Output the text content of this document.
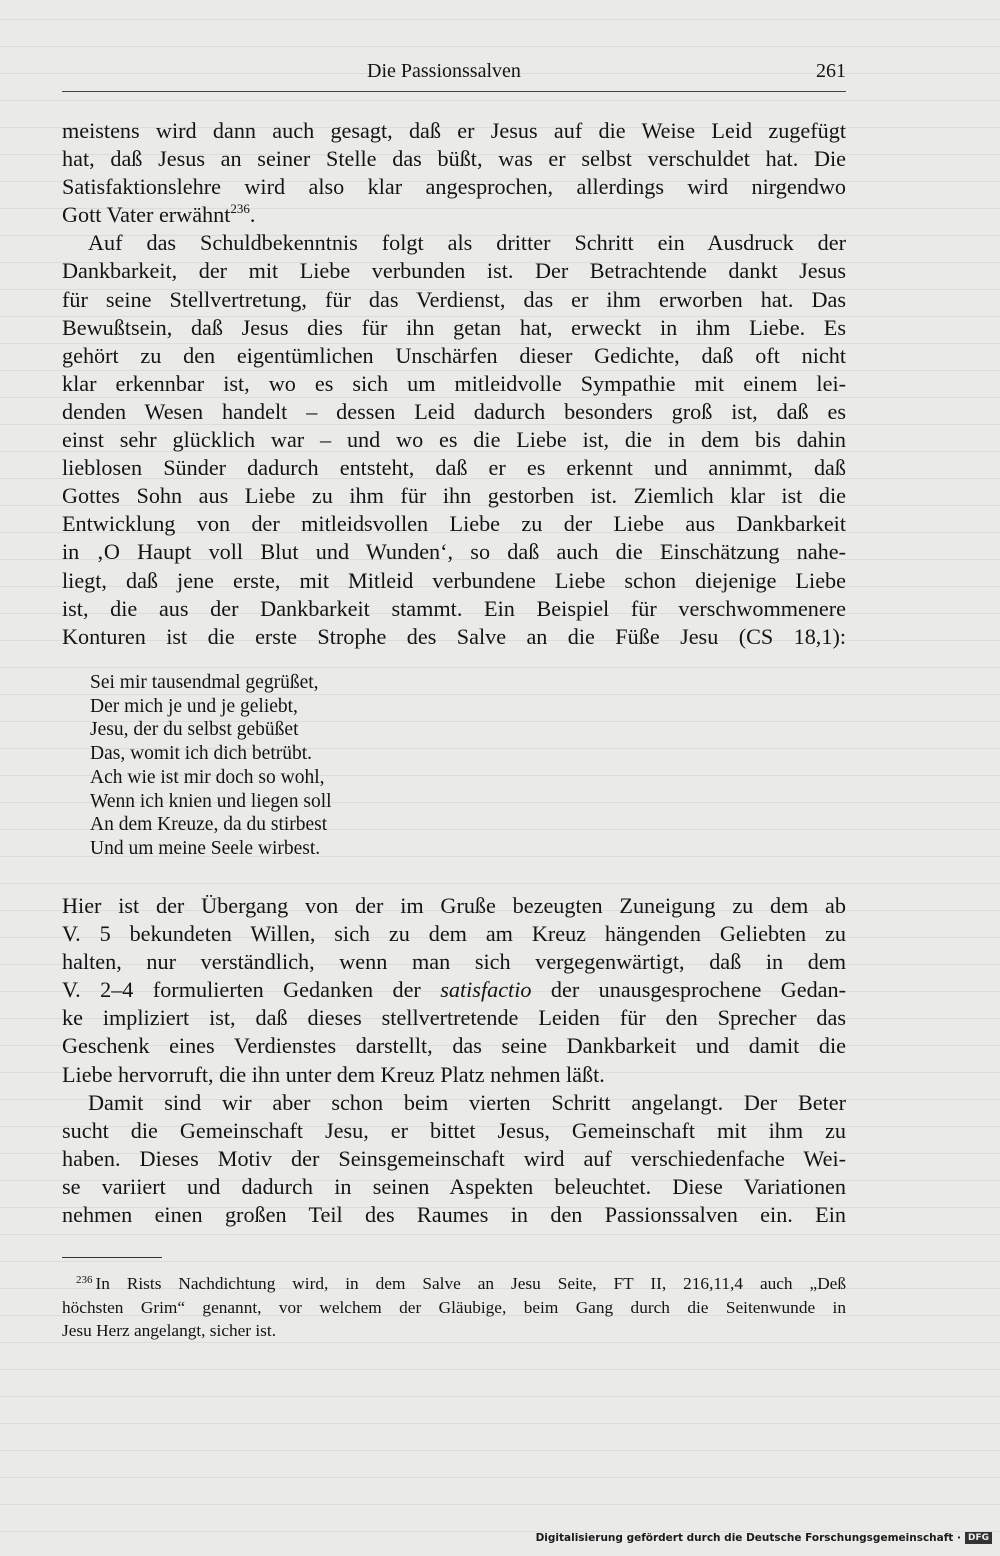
Die Passionssalven	261

meistens wird dann auch gesagt, daß er Jesus auf die Weise Leid zugefügt
hat, daß Jesus an seiner Stelle das büßt, was er selbst verschuldet hat. Die
Satisfaktionslehre wird also klar angesprochen, allerdings wird nirgendwo
Gott Vater erwähnt$^{236}$.

Auf das Schuldbekenntnis folgt als dritter Schritt ein Ausdruck der
Dankbarkeit, der mit Liebe verbunden ist. Der Betrachtende dankt Jesus
für seine Stellvertretung, für das Verdienst, das er ihm erworben hat. Das
Bewußtsein, daß Jesus dies für ihn getan hat, erweckt in ihm Liebe. Es
gehört zu den eigentümlichen Unschärfen dieser Gedichte, daß oft nicht
klar erkennbar ist, wo es sich um mitleidvolle Sympathie mit einem lei-
denden Wesen handelt – dessen Leid dadurch besonders groß ist, daß es
einst sehr glücklich war – und wo es die Liebe ist, die in dem bis dahin
lieblosen Sünder dadurch entsteht, daß er es erkennt und annimmt, daß
Gottes Sohn aus Liebe zu ihm für ihn gestorben ist. Ziemlich klar ist die
Entwicklung von der mitleidsvollen Liebe zu der Liebe aus Dankbarkeit
in ‚O Haupt voll Blut und Wunden‘, so daß auch die Einschätzung nahe-
liegt, daß jene erste, mit Mitleid verbundene Liebe schon diejenige Liebe
ist, die aus der Dankbarkeit stammt. Ein Beispiel für verschwommenere
Konturen ist die erste Strophe des Salve an die Füße Jesu (CS 18,1):

Sei mir tausendmal gegrüßet,
Der mich je und je geliebt,
Jesu, der du selbst gebüßet
Das, womit ich dich betrübt.
Ach wie ist mir doch so wohl,
Wenn ich knien und liegen soll
An dem Kreuze, da du stirbest
Und um meine Seele wirbest.

Hier ist der Übergang von der im Gruße bezeugten Zuneigung zu dem ab
V. 5 bekundeten Willen, sich zu dem am Kreuz hängenden Geliebten zu
halten, nur verständlich, wenn man sich vergegenwärtigt, daß in dem
V. 2–4 formulierten Gedanken der satisfactio der unausgesprochene Gedan-
ke impliziert ist, daß dieses stellvertretende Leiden für den Sprecher das
Geschenk eines Verdienstes darstellt, das seine Dankbarkeit und damit die
Liebe hervorruft, die ihn unter dem Kreuz Platz nehmen läßt.

Damit sind wir aber schon beim vierten Schritt angelangt. Der Beter
sucht die Gemeinschaft Jesu, er bittet Jesus, Gemeinschaft mit ihm zu
haben. Dieses Motiv der Seinsgemeinschaft wird auf verschiedenfache Wei-
se variiert und dadurch in seinen Aspekten beleuchtet. Diese Variationen
nehmen einen großen Teil des Raumes in den Passionssalven ein. Ein

$^{236}$ In Rists Nachdichtung wird, in dem Salve an Jesu Seite, FT II, 216,11,4 auch „Deß
höchsten Grim“ genannt, vor welchem der Gläubige, beim Gang durch die Seitenwunde in
Jesu Herz angelangt, sicher ist.
Digitalisierung gefördert durch die Deutsche Forschungsgemeinschaft · DFG
